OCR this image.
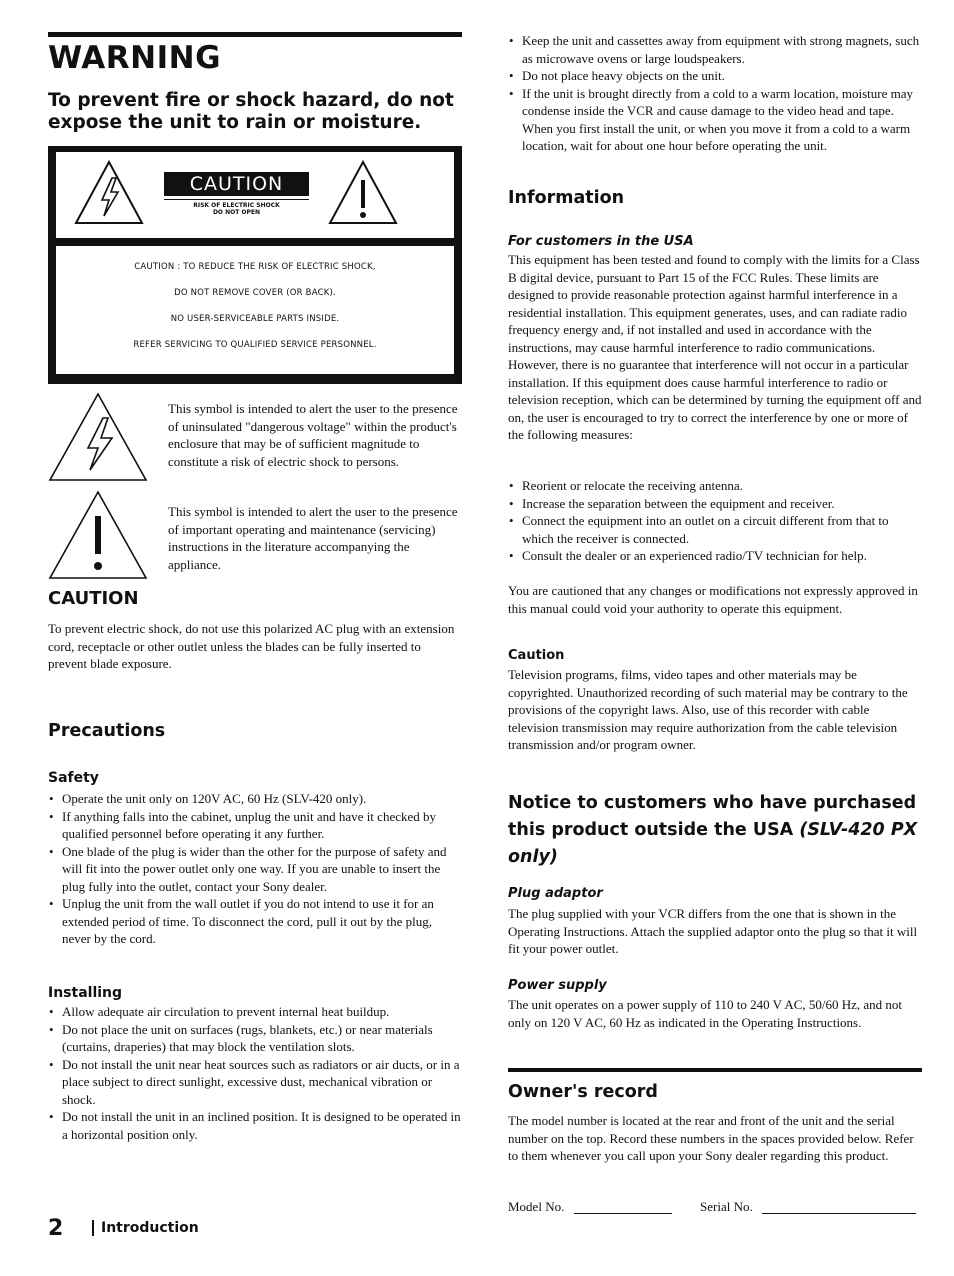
WARNING
To prevent fire or shock hazard, do not expose the unit to rain or moisture.
CAUTION
RISK OF ELECTRIC SHOCK
DO NOT OPEN
CAUTION : TO REDUCE THE RISK OF ELECTRIC SHOCK,
DO NOT REMOVE COVER (OR BACK).
NO USER-SERVICEABLE PARTS INSIDE.
REFER SERVICING TO QUALIFIED SERVICE PERSONNEL.
This symbol is intended to alert the user to the presence of uninsulated "dangerous voltage" within the product's enclosure that may be of sufficient magnitude to constitute a risk of electric shock to persons.
This symbol is intended to alert the user to the presence of important operating and maintenance (servicing) instructions in the literature accompanying the appliance.
CAUTION
To prevent electric shock, do not use this polarized AC plug with an extension cord, receptacle or other outlet unless the blades can be fully inserted to prevent blade exposure.
Precautions
Safety
• Operate the unit only on 120V AC, 60 Hz (SLV-420 only).
• If anything falls into the cabinet, unplug the unit and have it checked by qualified personnel before operating it any further.
• One blade of the plug is wider than the other for the purpose of safety and will fit into the power outlet only one way. If you are unable to insert the plug fully into the outlet, contact your Sony dealer.
• Unplug the unit from the wall outlet if you do not intend to use it for an extended period of time. To disconnect the cord, pull it out by the plug, never by the cord.
Installing
• Allow adequate air circulation to prevent internal heat buildup.
• Do not place the unit on surfaces (rugs, blankets, etc.) or near materials (curtains, draperies) that may block the ventilation slots.
• Do not install the unit near heat sources such as radiators or air ducts, or in a place subject to direct sunlight, excessive dust, mechanical vibration or shock.
• Do not install the unit in an inclined position. It is designed to be operated in a horizontal position only.
2	Introduction
• Keep the unit and cassettes away from equipment with strong magnets, such as microwave ovens or large loudspeakers.
• Do not place heavy objects on the unit.
• If the unit is brought directly from a cold to a warm location, moisture may condense inside the VCR and cause damage to the video head and tape. When you first install the unit, or when you move it from a cold to a warm location, wait for about one hour before operating the unit.
Information
For customers in the USA
This equipment has been tested and found to comply with the limits for a Class B digital device, pursuant to Part 15 of the FCC Rules. These limits are designed to provide reasonable protection against harmful interference in a residential installation. This equipment generates, uses, and can radiate radio frequency energy and, if not installed and used in accordance with the instructions, may cause harmful interference to radio communications. However, there is no guarantee that interference will not occur in a particular installation. If this equipment does cause harmful interference to radio or television reception, which can be determined by turning the equipment off and on, the user is encouraged to try to correct the interference by one or more of the following measures:
• Reorient or relocate the receiving antenna.
• Increase the separation between the equipment and receiver.
• Connect the equipment into an outlet on a circuit different from that to which the receiver is connected.
• Consult the dealer or an experienced radio/TV technician for help.
You are cautioned that any changes or modifications not expressly approved in this manual could void your authority to operate this equipment.
Caution
Television programs, films, video tapes and other materials may be copyrighted. Unauthorized recording of such material may be contrary to the provisions of the copyright laws. Also, use of this recorder with cable television transmission may require authorization from the cable television transmission and/or program owner.
Notice to customers who have purchased this product outside the USA (SLV-420 PX only)
Plug adaptor
The plug supplied with your VCR differs from the one that is shown in the Operating Instructions. Attach the supplied adaptor onto the plug so that it will fit your power outlet.
Power supply
The unit operates on a power supply of 110 to 240 V AC, 50/60 Hz, and not only on 120 V AC, 60 Hz as indicated in the Operating Instructions.
Owner's record
The model number is located at the rear and front of the unit and the serial number on the top. Record these numbers in the spaces provided below. Refer to them whenever you call upon your Sony dealer regarding this product.
Model No.	Serial No.
